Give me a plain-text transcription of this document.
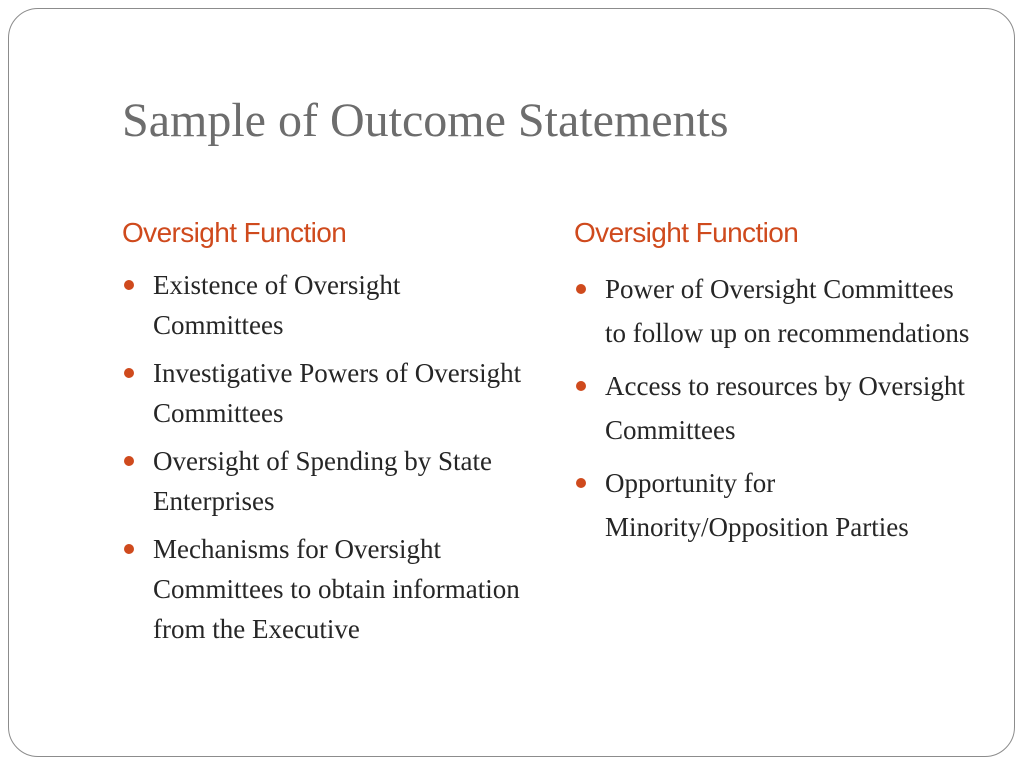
Sample of Outcome Statements
Oversight Function
Existence of Oversight Committees
Investigative Powers of Oversight Committees
Oversight of Spending by State Enterprises
Mechanisms for Oversight Committees to obtain information from the Executive
Oversight Function
Power of Oversight Committees to follow up on recommendations
Access to resources by Oversight Committees
Opportunity for Minority/Opposition Parties
